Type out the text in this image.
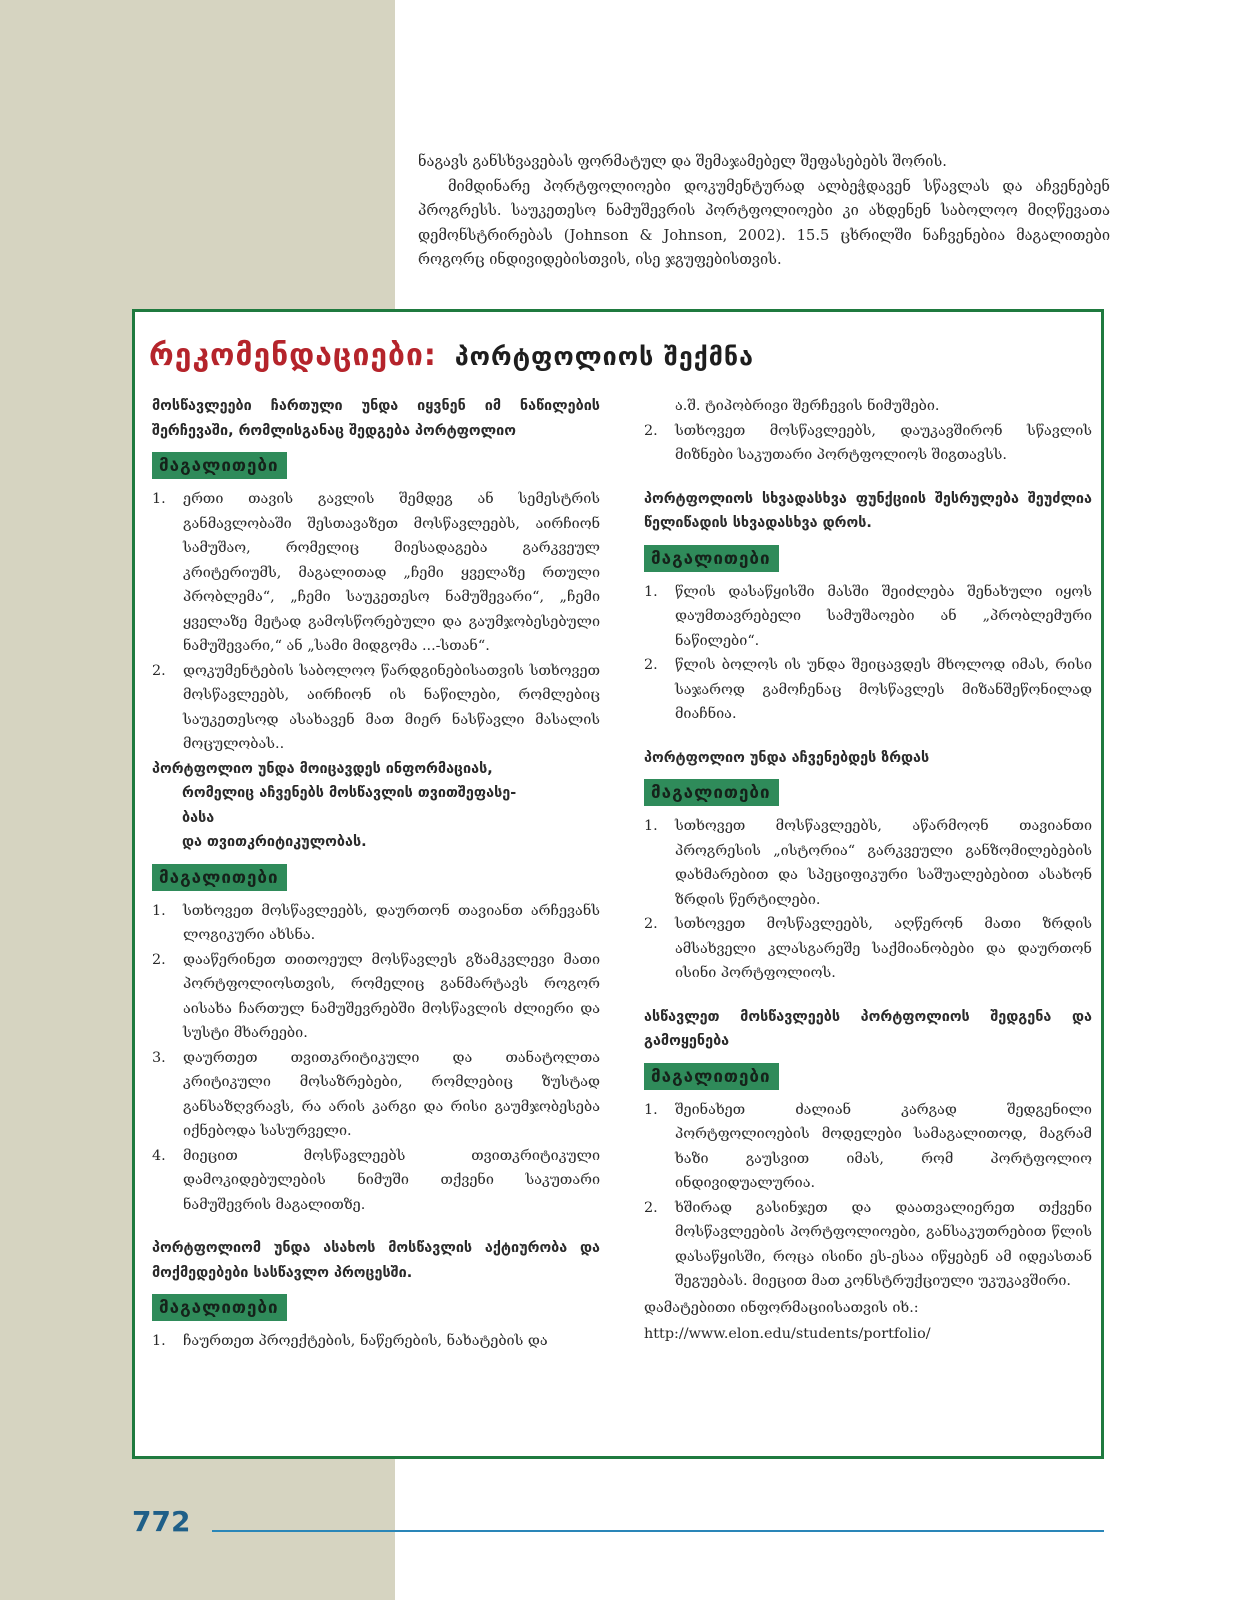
ნაგავს განსხვავებას ფორმატულ და შემაჯამებელ შეფასებებს შორის.

მიმდინარე პორტფოლიოები დოკუმენტურად ალბეჭდავენ სწავლას და აჩვენებენ პროგრესს. საუკეთესო ნამუშევრის პორტფოლიოები კი ახდენენ საბოლოო მიღწევათა დემონსტრირებას (Johnson & Johnson, 2002). 15.5 ცხრილში ნაჩვენებია მაგალითები როგორც ინდივიდებისთვის, ისე ჯგუფებისთვის.

რეკომენდაციები: პორტფოლიოს შექმნა

მოსწავლეები ჩართული უნდა იყვნენ იმ ნაწილების შერჩევაში, რომლისგანაც შედგება პორტფოლიო

მაგალითები
1. ერთი თავის გავლის შემდეგ ან სემესტრის განმავლობაში შესთავაზეთ მოსწავლეებს, აირჩიონ სამუშაო, რომელიც მიესადაგება გარკვეულ კრიტერიუმს, მაგალითად „ჩემი ყველაზე რთული პრობლემა“, „ჩემი საუკეთესო ნამუშევარი“, „ჩემი ყველაზე მეტად გამოსწორებული და გაუმჯობესებული ნამუშევარი,“ ან „სამი მიდგომა ...-სთან“.
2. დოკუმენტების საბოლოო წარდგინებისათვის სთხოვეთ მოსწავლეებს, აირჩიონ ის ნაწილები, რომლებიც საუკეთესოდ ასახავენ მათ მიერ ნასწავლი მასალის მოცულობას..

პორტფოლიო უნდა მოიცავდეს ინფორმაციას,
რომელიც აჩვენებს მოსწავლის თვითშეფასე-
ბასა
და თვითკრიტიკულობას.

მაგალითები
1. სთხოვეთ მოსწავლეებს, დაურთონ თავიანთ არჩევანს ლოგიკური ახსნა.
2. დააწერინეთ თითოეულ მოსწავლეს გზამკვლევი მათი პორტფოლიოსთვის, რომელიც განმარტავს როგორ აისახა ჩართულ ნამუშევრებში მოსწავლის ძლიერი და სუსტი მხარეები.
3. დაურთეთ თვითკრიტიკული და თანატოლთა კრიტიკული მოსაზრებები, რომლებიც ზუსტად განსაზღვრავს, რა არის კარგი და რისი გაუმჯობესება იქნებოდა სასურველი.
4. მიეცით მოსწავლეებს თვითკრიტიკული დამოკიდებულების ნიმუში თქვენი საკუთარი ნამუშევრის მაგალითზე.

პორტფოლიომ უნდა ასახოს მოსწავლის აქტიურობა და მოქმედებები სასწავლო პროცესში.

მაგალითები
1. ჩაურთეთ პროექტების, ნაწერების, ნახატების და

ა.შ. ტიპობრივი შერჩევის ნიმუშები.

2. სთხოვეთ მოსწავლეებს, დაუკავშირონ სწავლის მიზნები საკუთარი პორტფოლიოს შიგთავსს.

პორტფოლიოს სხვადასხვა ფუნქციის შესრულება შეუძლია წელიწადის სხვადასხვა დროს.

მაგალითები
1. წლის დასაწყისში მასში შეიძლება შენახული იყოს დაუმთავრებელი სამუშაოები ან „პრობლემური ნაწილები“.
2. წლის ბოლოს ის უნდა შეიცავდეს მხოლოდ იმას, რისი საჯაროდ გამოჩენაც მოსწავლეს მიზანშეწონილად მიაჩნია.

პორტფოლიო უნდა აჩვენებდეს ზრდას

მაგალითები
1. სთხოვეთ მოსწავლეებს, აწარმოონ თავიანთი პროგრესის „ისტორია“ გარკვეული განზომილებების დახმარებით და სპეციფიკური საშუალებებით ასახონ ზრდის წერტილები.
2. სთხოვეთ მოსწავლეებს, აღწერონ მათი ზრდის ამსახველი კლასგარეშე საქმიანობები და დაურთონ ისინი პორტფოლიოს.

ასწავლეთ მოსწავლეებს პორტფოლიოს შედგენა და გამოყენება

მაგალითები
1. შეინახეთ ძალიან კარგად შედგენილი პორტფოლიოების მოდელები სამაგალითოდ, მაგრამ ხაზი გაუსვით იმას, რომ პორტფოლიო ინდივიდუალურია.
2. ხშირად გასინჯეთ და დაათვალიერეთ თქვენი მოსწავლეების პორტფოლიოები, განსაკუთრებით წლის დასაწყისში, როცა ისინი ეს-ესაა იწყებენ ამ იდეასთან შეგუებას. მიეცით მათ კონსტრუქციული უკუკავშირი.

დამატებითი ინფორმაციისათვის იხ.:

http://www.elon.edu/students/portfolio/

772
